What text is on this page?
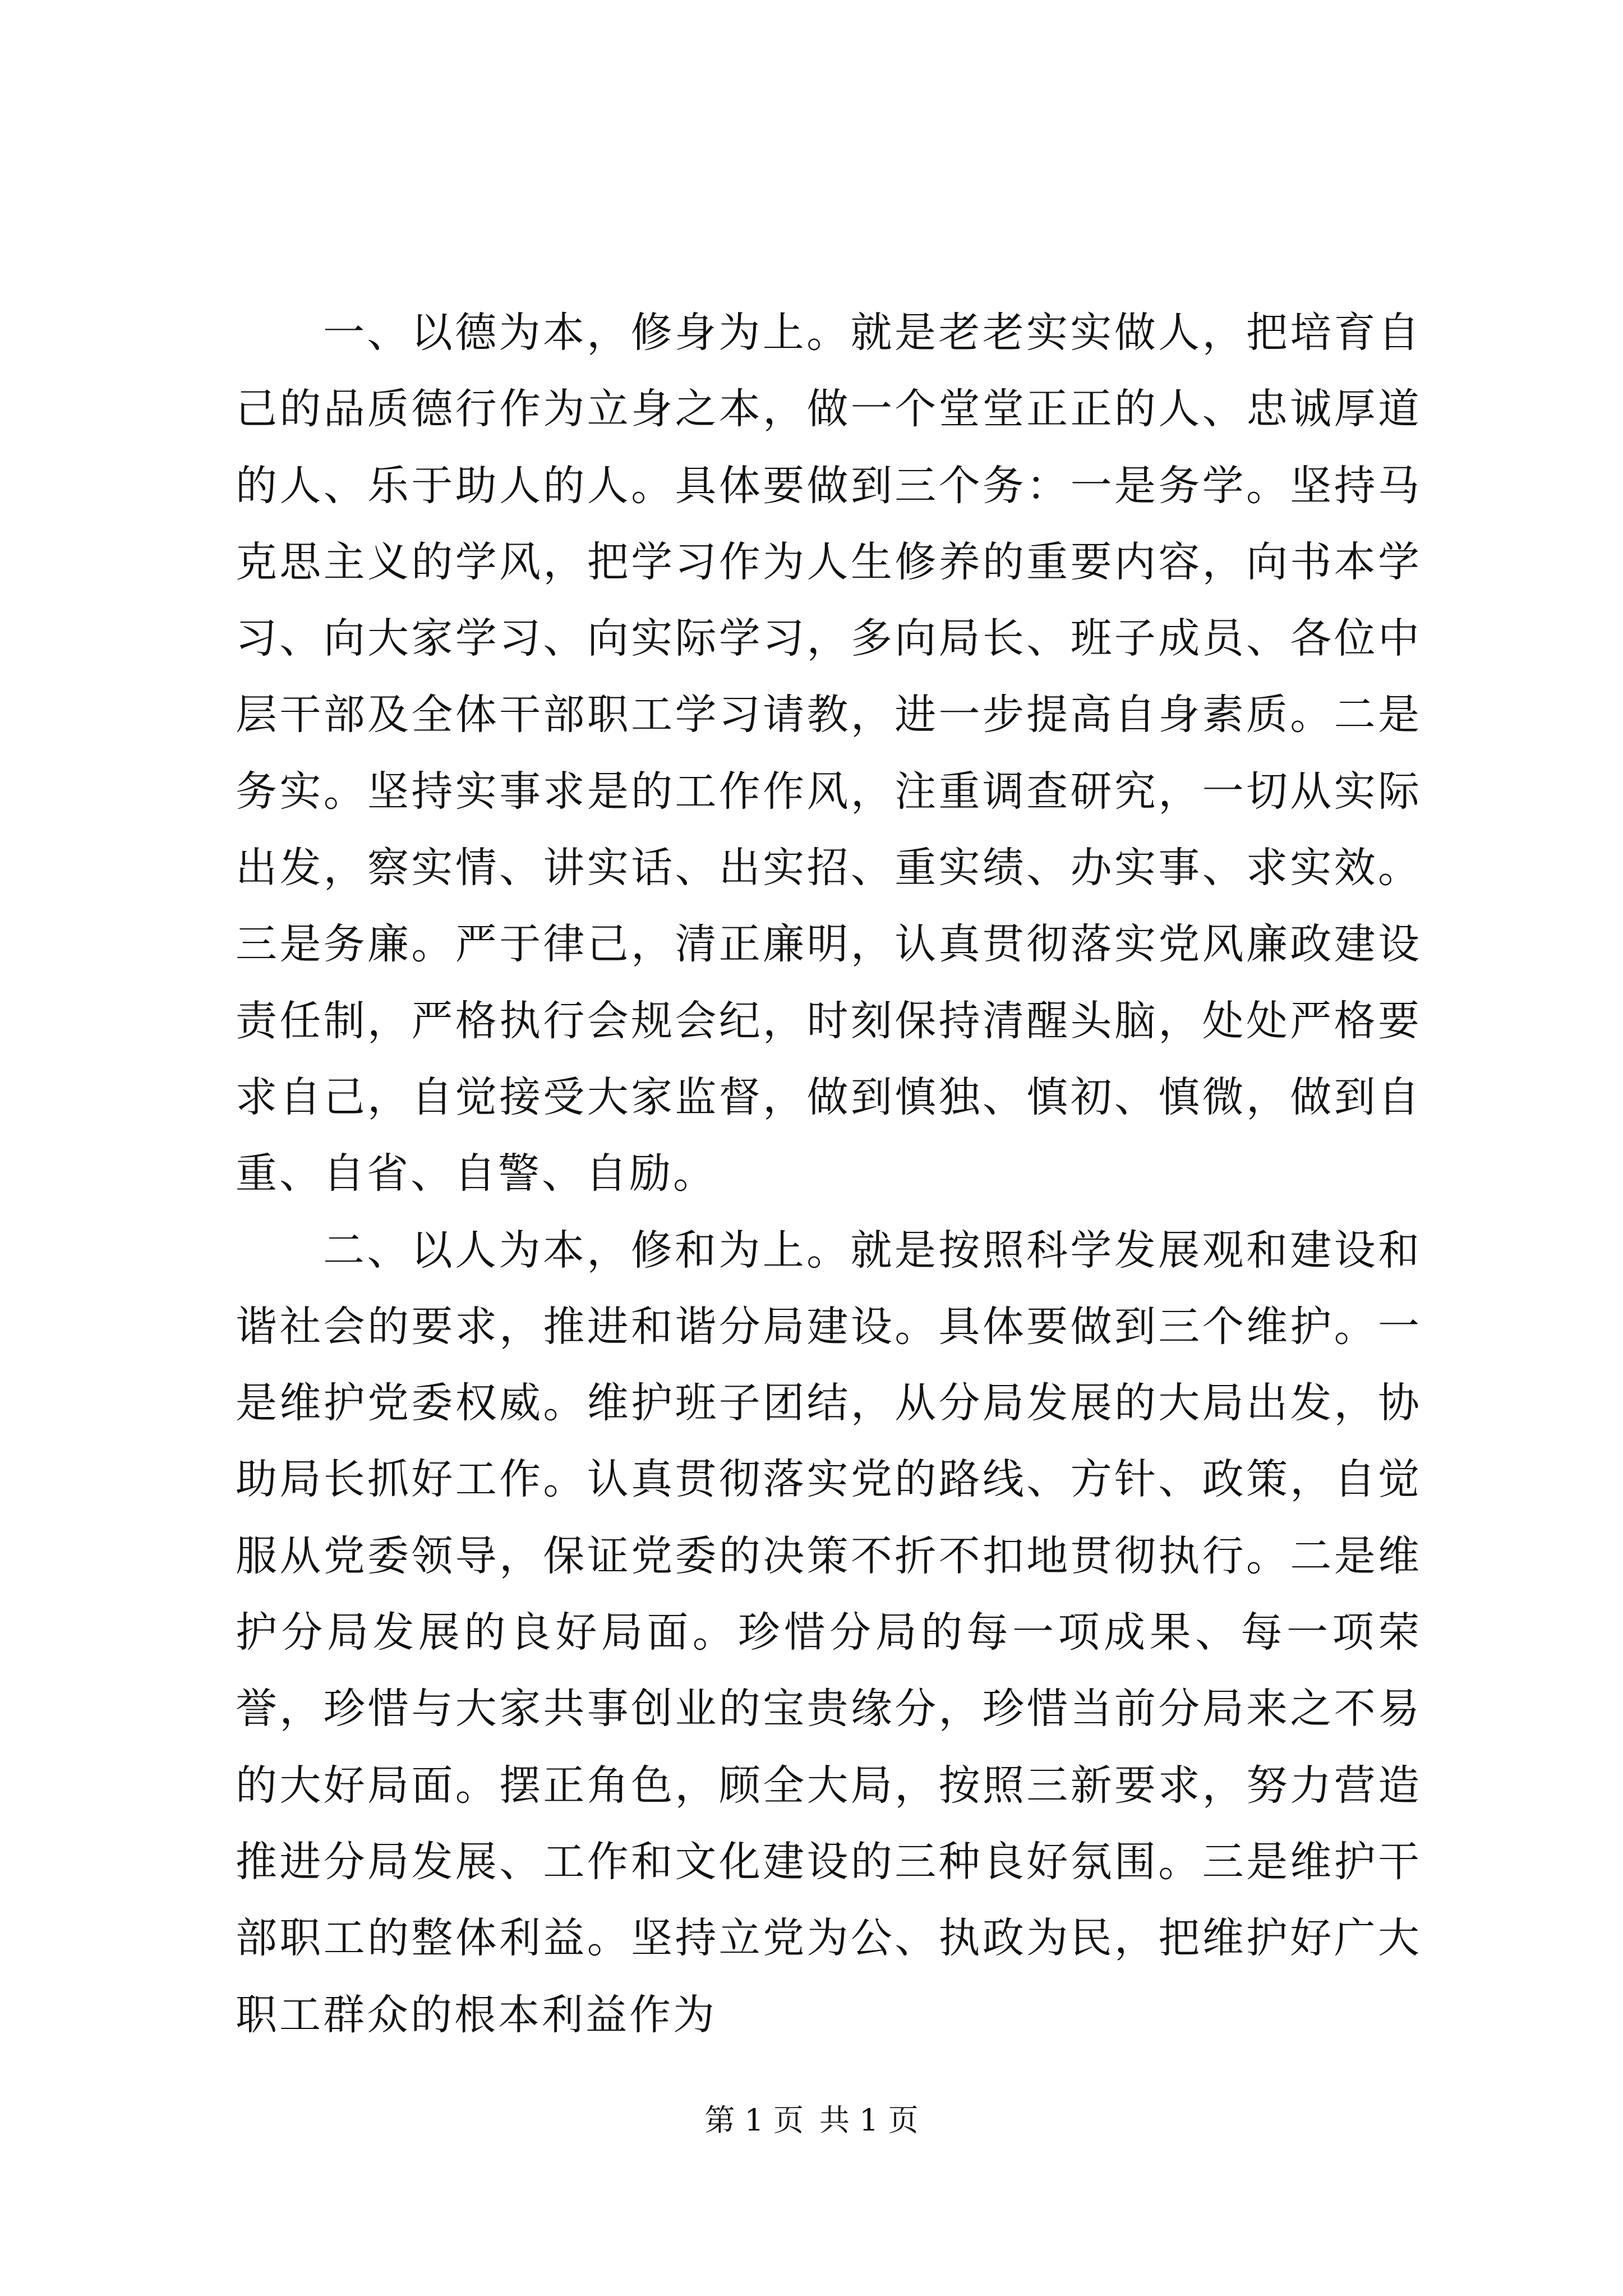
一、以德为本，修身为上。就是老老实实做人，把培育自己的品质德行作为立身之本，做一个堂堂正正的人、忠诚厚道的人、乐于助人的人。具体要做到三个务：一是务学。坚持马克思主义的学风，把学习作为人生修养的重要内容，向书本学习、向大家学习、向实际学习，多向局长、班子成员、各位中层干部及全体干部职工学习请教，进一步提高自身素质。二是务实。坚持实事求是的工作作风，注重调查研究，一切从实际出发，察实情、讲实话、出实招、重实绩、办实事、求实效。三是务廉。严于律己，清正廉明，认真贯彻落实党风廉政建设责任制，严格执行会规会纪，时刻保持清醒头脑，处处严格要求自己，自觉接受大家监督，做到慎独、慎初、慎微，做到自重、自省、自警、自励。

二、以人为本，修和为上。就是按照科学发展观和建设和谐社会的要求，推进和谐分局建设。具体要做到三个维护。一是维护党委权威。维护班子团结，从分局发展的大局出发，协助局长抓好工作。认真贯彻落实党的路线、方针、政策，自觉服从党委领导，保证党委的决策不折不扣地贯彻执行。二是维护分局发展的良好局面。珍惜分局的每一项成果、每一项荣誉，珍惜与大家共事创业的宝贵缘分，珍惜当前分局来之不易的大好局面。摆正角色，顾全大局，按照三新要求，努力营造推进分局发展、工作和文化建设的三种良好氛围。三是维护干部职工的整体利益。坚持立党为公、执政为民，把维护好广大职工群众的根本利益作为

第 1 页 共 1 页
